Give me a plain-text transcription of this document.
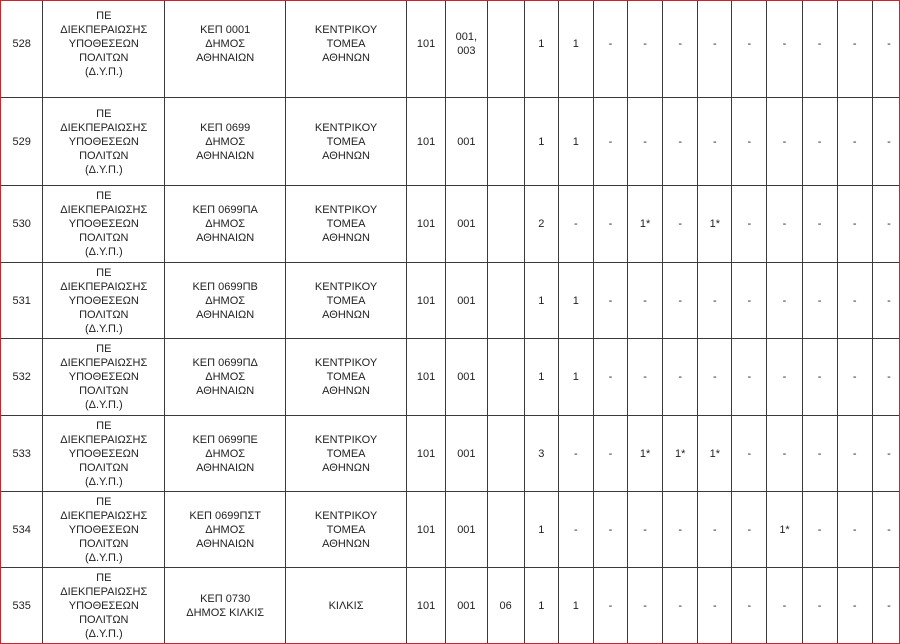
528	ΠΕ
ΔΙΕΚΠΕΡΑΙΩΣΗΣ
ΥΠΟΘΕΣΕΩΝ
ΠΟΛΙΤΩΝ
(Δ.Υ.Π.)	ΚΕΠ 0001
ΔΗΜΟΣ
ΑΘΗΝΑΙΩΝ	ΚΕΝΤΡΙΚΟΥ
ΤΟΜΕΑ
ΑΘΗΝΩΝ	101	001,
003		1	1	-	-	-	-	-	-	-	-	-
529	ΠΕ
ΔΙΕΚΠΕΡΑΙΩΣΗΣ
ΥΠΟΘΕΣΕΩΝ
ΠΟΛΙΤΩΝ
(Δ.Υ.Π.)	ΚΕΠ 0699
ΔΗΜΟΣ
ΑΘΗΝΑΙΩΝ	ΚΕΝΤΡΙΚΟΥ
ΤΟΜΕΑ
ΑΘΗΝΩΝ	101	001		1	1	-	-	-	-	-	-	-	-	-
530	ΠΕ
ΔΙΕΚΠΕΡΑΙΩΣΗΣ
ΥΠΟΘΕΣΕΩΝ
ΠΟΛΙΤΩΝ
(Δ.Υ.Π.)	ΚΕΠ 0699ΠΑ
ΔΗΜΟΣ
ΑΘΗΝΑΙΩΝ	ΚΕΝΤΡΙΚΟΥ
ΤΟΜΕΑ
ΑΘΗΝΩΝ	101	001		2	-	-	1*	-	1*	-	-	-	-	-
531	ΠΕ
ΔΙΕΚΠΕΡΑΙΩΣΗΣ
ΥΠΟΘΕΣΕΩΝ
ΠΟΛΙΤΩΝ
(Δ.Υ.Π.)	ΚΕΠ 0699ΠΒ
ΔΗΜΟΣ
ΑΘΗΝΑΙΩΝ	ΚΕΝΤΡΙΚΟΥ
ΤΟΜΕΑ
ΑΘΗΝΩΝ	101	001		1	1	-	-	-	-	-	-	-	-	-
532	ΠΕ
ΔΙΕΚΠΕΡΑΙΩΣΗΣ
ΥΠΟΘΕΣΕΩΝ
ΠΟΛΙΤΩΝ
(Δ.Υ.Π.)	ΚΕΠ 0699ΠΔ
ΔΗΜΟΣ
ΑΘΗΝΑΙΩΝ	ΚΕΝΤΡΙΚΟΥ
ΤΟΜΕΑ
ΑΘΗΝΩΝ	101	001		1	1	-	-	-	-	-	-	-	-	-
533	ΠΕ
ΔΙΕΚΠΕΡΑΙΩΣΗΣ
ΥΠΟΘΕΣΕΩΝ
ΠΟΛΙΤΩΝ
(Δ.Υ.Π.)	ΚΕΠ 0699ΠΕ
ΔΗΜΟΣ
ΑΘΗΝΑΙΩΝ	ΚΕΝΤΡΙΚΟΥ
ΤΟΜΕΑ
ΑΘΗΝΩΝ	101	001		3	-	-	1*	1*	1*	-	-	-	-	-
534	ΠΕ
ΔΙΕΚΠΕΡΑΙΩΣΗΣ
ΥΠΟΘΕΣΕΩΝ
ΠΟΛΙΤΩΝ
(Δ.Υ.Π.)	ΚΕΠ 0699ΠΣΤ
ΔΗΜΟΣ
ΑΘΗΝΑΙΩΝ	ΚΕΝΤΡΙΚΟΥ
ΤΟΜΕΑ
ΑΘΗΝΩΝ	101	001		1	-	-	-	-	-	-	1*	-	-	-
535	ΠΕ
ΔΙΕΚΠΕΡΑΙΩΣΗΣ
ΥΠΟΘΕΣΕΩΝ
ΠΟΛΙΤΩΝ
(Δ.Υ.Π.)	ΚΕΠ 0730
ΔΗΜΟΣ ΚΙΛΚΙΣ	ΚΙΛΚΙΣ	101	001	06	1	1	-	-	-	-	-	-	-	-	-
